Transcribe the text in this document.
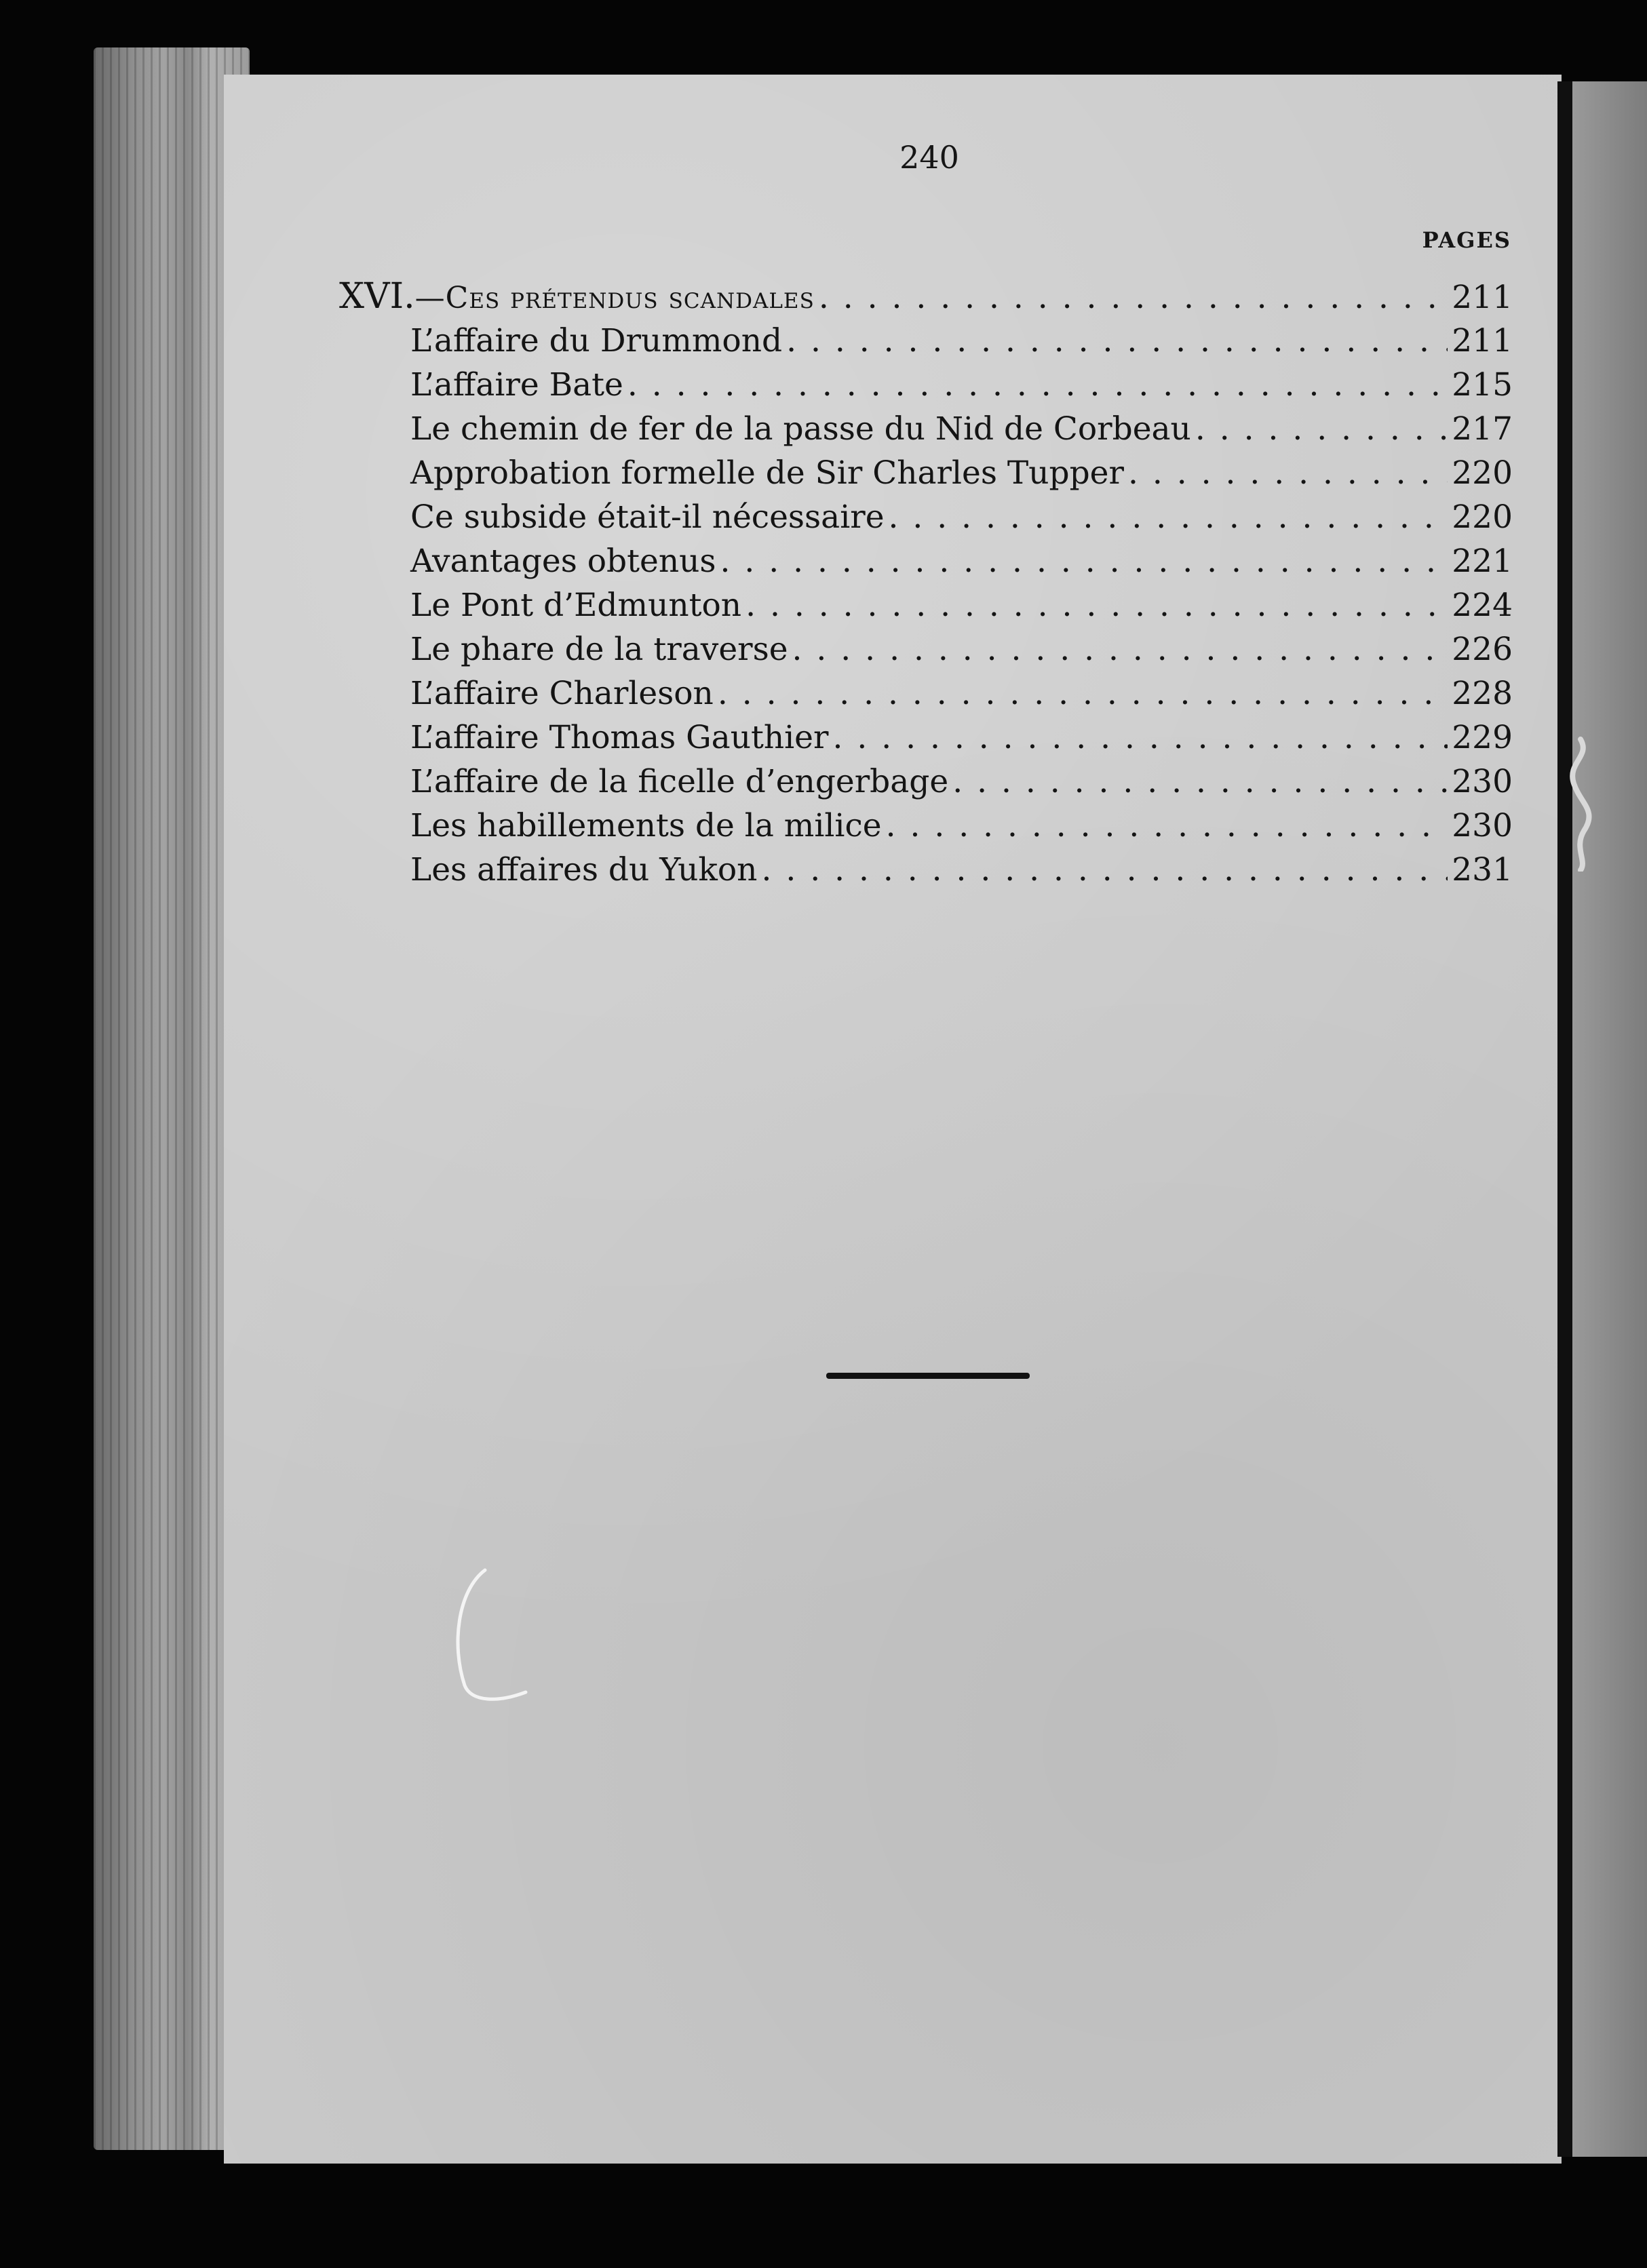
240
PAGES
XVI.—Ces prétendus scandales . . .	211
L’affaire du Drummond . . .	211
L’affaire Bate . . .	215
Le chemin de fer de la passe du Nid de Corbeau . . .	217
Approbation formelle de Sir Charles Tupper . . .	220
Ce subside était-il nécessaire . . .	220
Avantages obtenus . . .	221
Le Pont d’Edmunton . . .	224
Le phare de la traverse . . .	226
L’affaire Charleson . . .	228
L’affaire Thomas Gauthier . . .	229
L’affaire de la ficelle d’engerbage . . .	230
Les habillements de la milice . . .	230
Les affaires du Yukon . . .	231
